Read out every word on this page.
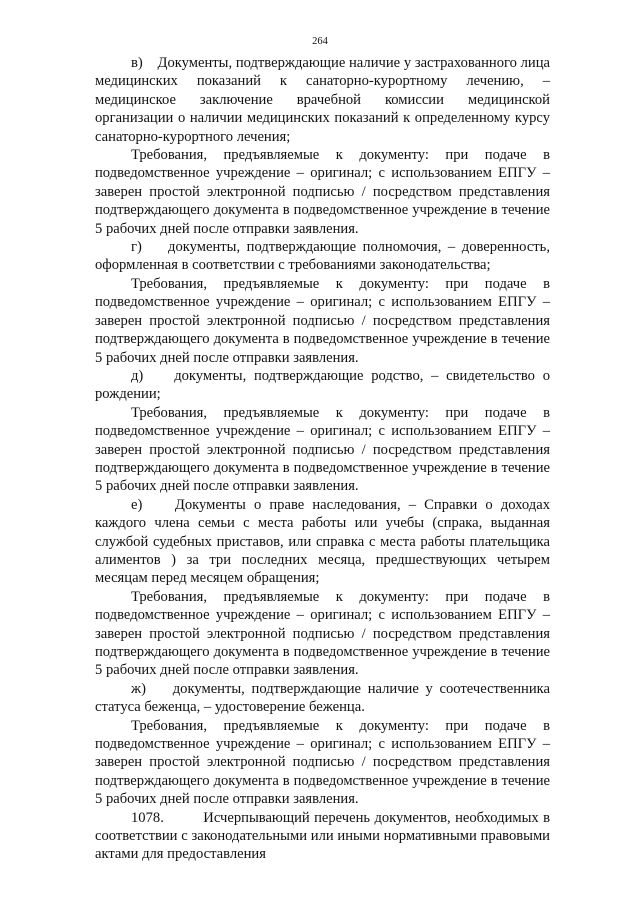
264

в)    Документы, подтверждающие наличие у застрахованного лица медицинских показаний к санаторно-курортному лечению, – медицинское заключение врачебной комиссии медицинской организации о наличии медицинских показаний к определенному курсу санаторно-курортного лечения;

Требования, предъявляемые к документу: при подаче в подведомственное учреждение – оригинал; с использованием ЕПГУ – заверен простой электронной подписью / посредством представления подтверждающего документа в подведомственное учреждение в течение 5 рабочих дней после отправки заявления.

г)    документы, подтверждающие полномочия, – доверенность, оформленная в соответствии с требованиями законодательства;

Требования, предъявляемые к документу: при подаче в подведомственное учреждение – оригинал; с использованием ЕПГУ – заверен простой электронной подписью / посредством представления подтверждающего документа в подведомственное учреждение в течение 5 рабочих дней после отправки заявления.

д)    документы, подтверждающие родство, – свидетельство о рождении;

Требования, предъявляемые к документу: при подаче в подведомственное учреждение – оригинал; с использованием ЕПГУ – заверен простой электронной подписью / посредством представления подтверждающего документа в подведомственное учреждение в течение 5 рабочих дней после отправки заявления.

е)    Документы о праве наследования, – Справки о доходах каждого члена семьи с места работы или учебы (спрака, выданная службой судебных приставов, или справка с места работы плательщика алиментов ) за три последних месяца, предшествующих четырем месяцам перед месяцем обращения;

Требования, предъявляемые к документу: при подаче в подведомственное учреждение – оригинал; с использованием ЕПГУ – заверен простой электронной подписью / посредством представления подтверждающего документа в подведомственное учреждение в течение 5 рабочих дней после отправки заявления.

ж)    документы, подтверждающие наличие у соотечественника статуса беженца, – удостоверение беженца.

Требования, предъявляемые к документу: при подаче в подведомственное учреждение – оригинал; с использованием ЕПГУ – заверен простой электронной подписью / посредством представления подтверждающего документа в подведомственное учреждение в течение 5 рабочих дней после отправки заявления.

1078.         Исчерпывающий перечень документов, необходимых в соответствии с законодательными или иными нормативными правовыми актами для предоставления
